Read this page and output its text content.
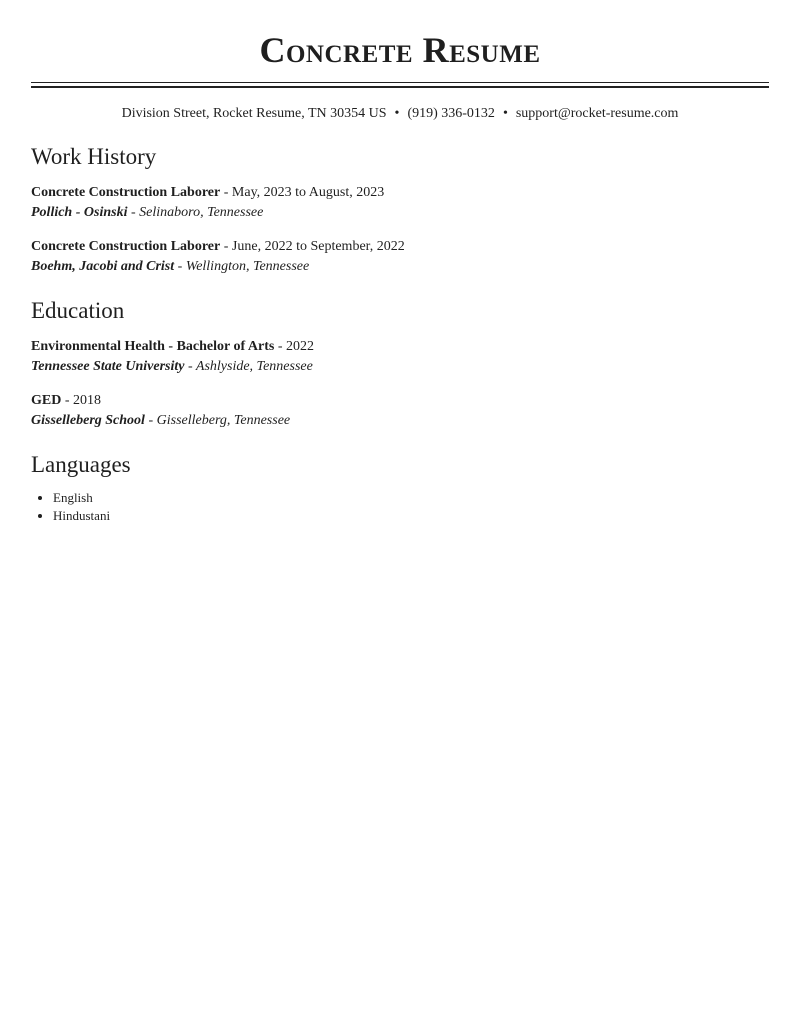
Concrete Resume
Division Street, Rocket Resume, TN 30354 US • (919) 336-0132 • support@rocket-resume.com
Work History
Concrete Construction Laborer - May, 2023 to August, 2023
Pollich - Osinski - Selinaboro, Tennessee
Concrete Construction Laborer - June, 2022 to September, 2022
Boehm, Jacobi and Crist - Wellington, Tennessee
Education
Environmental Health - Bachelor of Arts - 2022
Tennessee State University - Ashlyside, Tennessee
GED - 2018
Gisselleberg School - Gisselleberg, Tennessee
Languages
• English
• Hindustani
